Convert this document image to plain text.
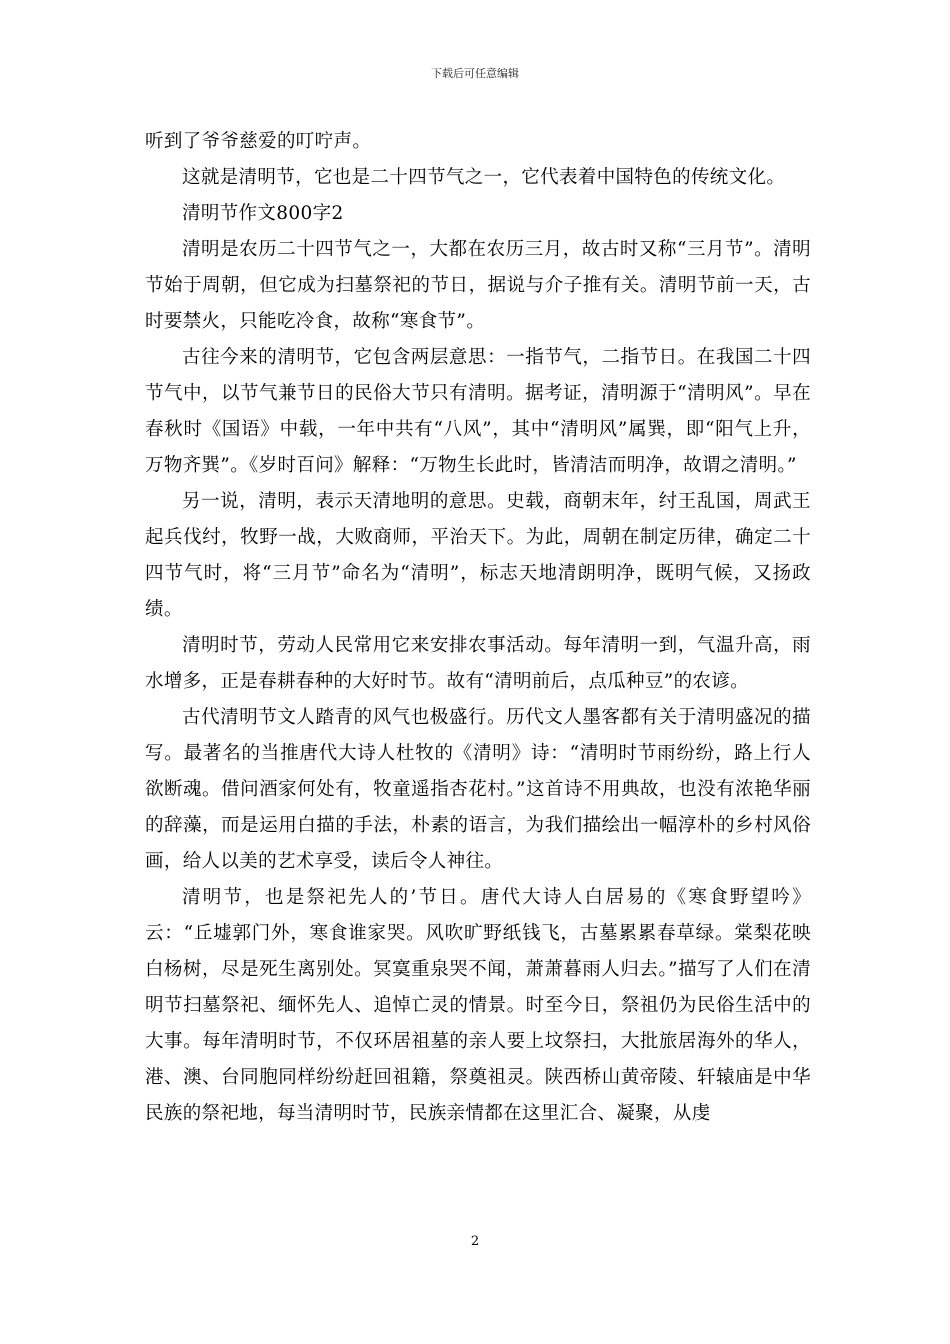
下载后可任意编辑

听到了爷爷慈爱的叮咛声。

这就是清明节，它也是二十四节气之一，它代表着中国特色的传统文化。

清明节作文800字2

清明是农历二十四节气之一，大都在农历三月，故古时又称“三月节”。清明节始于周朝，但它成为扫墓祭祀的节日，据说与介子推有关。清明节前一天，古时要禁火，只能吃冷食，故称“寒食节”。

古往今来的清明节，它包含两层意思：一指节气，二指节日。在我国二十四节气中，以节气兼节日的民俗大节只有清明。据考证，清明源于“清明风”。早在春秋时《国语》中载，一年中共有“八风”，其中“清明风”属巽，即“阳气上升，万物齐巽”。《岁时百问》解释：“万物生长此时，皆清洁而明净，故谓之清明。”

另一说，清明，表示天清地明的意思。史载，商朝末年，纣王乱国，周武王起兵伐纣，牧野一战，大败商师，平治天下。为此，周朝在制定历律，确定二十四节气时，将“三月节”命名为“清明”，标志天地清朗明净，既明气候，又扬政绩。

清明时节，劳动人民常用它来安排农事活动。每年清明一到，气温升高，雨水增多，正是春耕春种的大好时节。故有“清明前后，点瓜种豆”的农谚。

古代清明节文人踏青的风气也极盛行。历代文人墨客都有关于清明盛况的描写。最著名的当推唐代大诗人杜牧的《清明》诗：“清明时节雨纷纷，路上行人欲断魂。借问酒家何处有，牧童遥指杏花村。”这首诗不用典故，也没有浓艳华丽的辞藻，而是运用白描的手法，朴素的语言，为我们描绘出一幅淳朴的乡村风俗画，给人以美的艺术享受，读后令人神往。

清明节，也是祭祀先人的’节日。唐代大诗人白居易的《寒食野望吟》云：“丘墟郭门外，寒食谁家哭。风吹旷野纸钱飞，古墓累累春草绿。棠梨花映白杨树，尽是死生离别处。冥寞重泉哭不闻，萧萧暮雨人归去。”描写了人们在清明节扫墓祭祀、缅怀先人、追悼亡灵的情景。时至今日，祭祖仍为民俗生活中的大事。每年清明时节，不仅环居祖墓的亲人要上坟祭扫，大批旅居海外的华人，港、澳、台同胞同样纷纷赶回祖籍，祭奠祖灵。陕西桥山黄帝陵、轩辕庙是中华民族的祭祀地，每当清明时节，民族亲情都在这里汇合、凝聚，从虔

2
